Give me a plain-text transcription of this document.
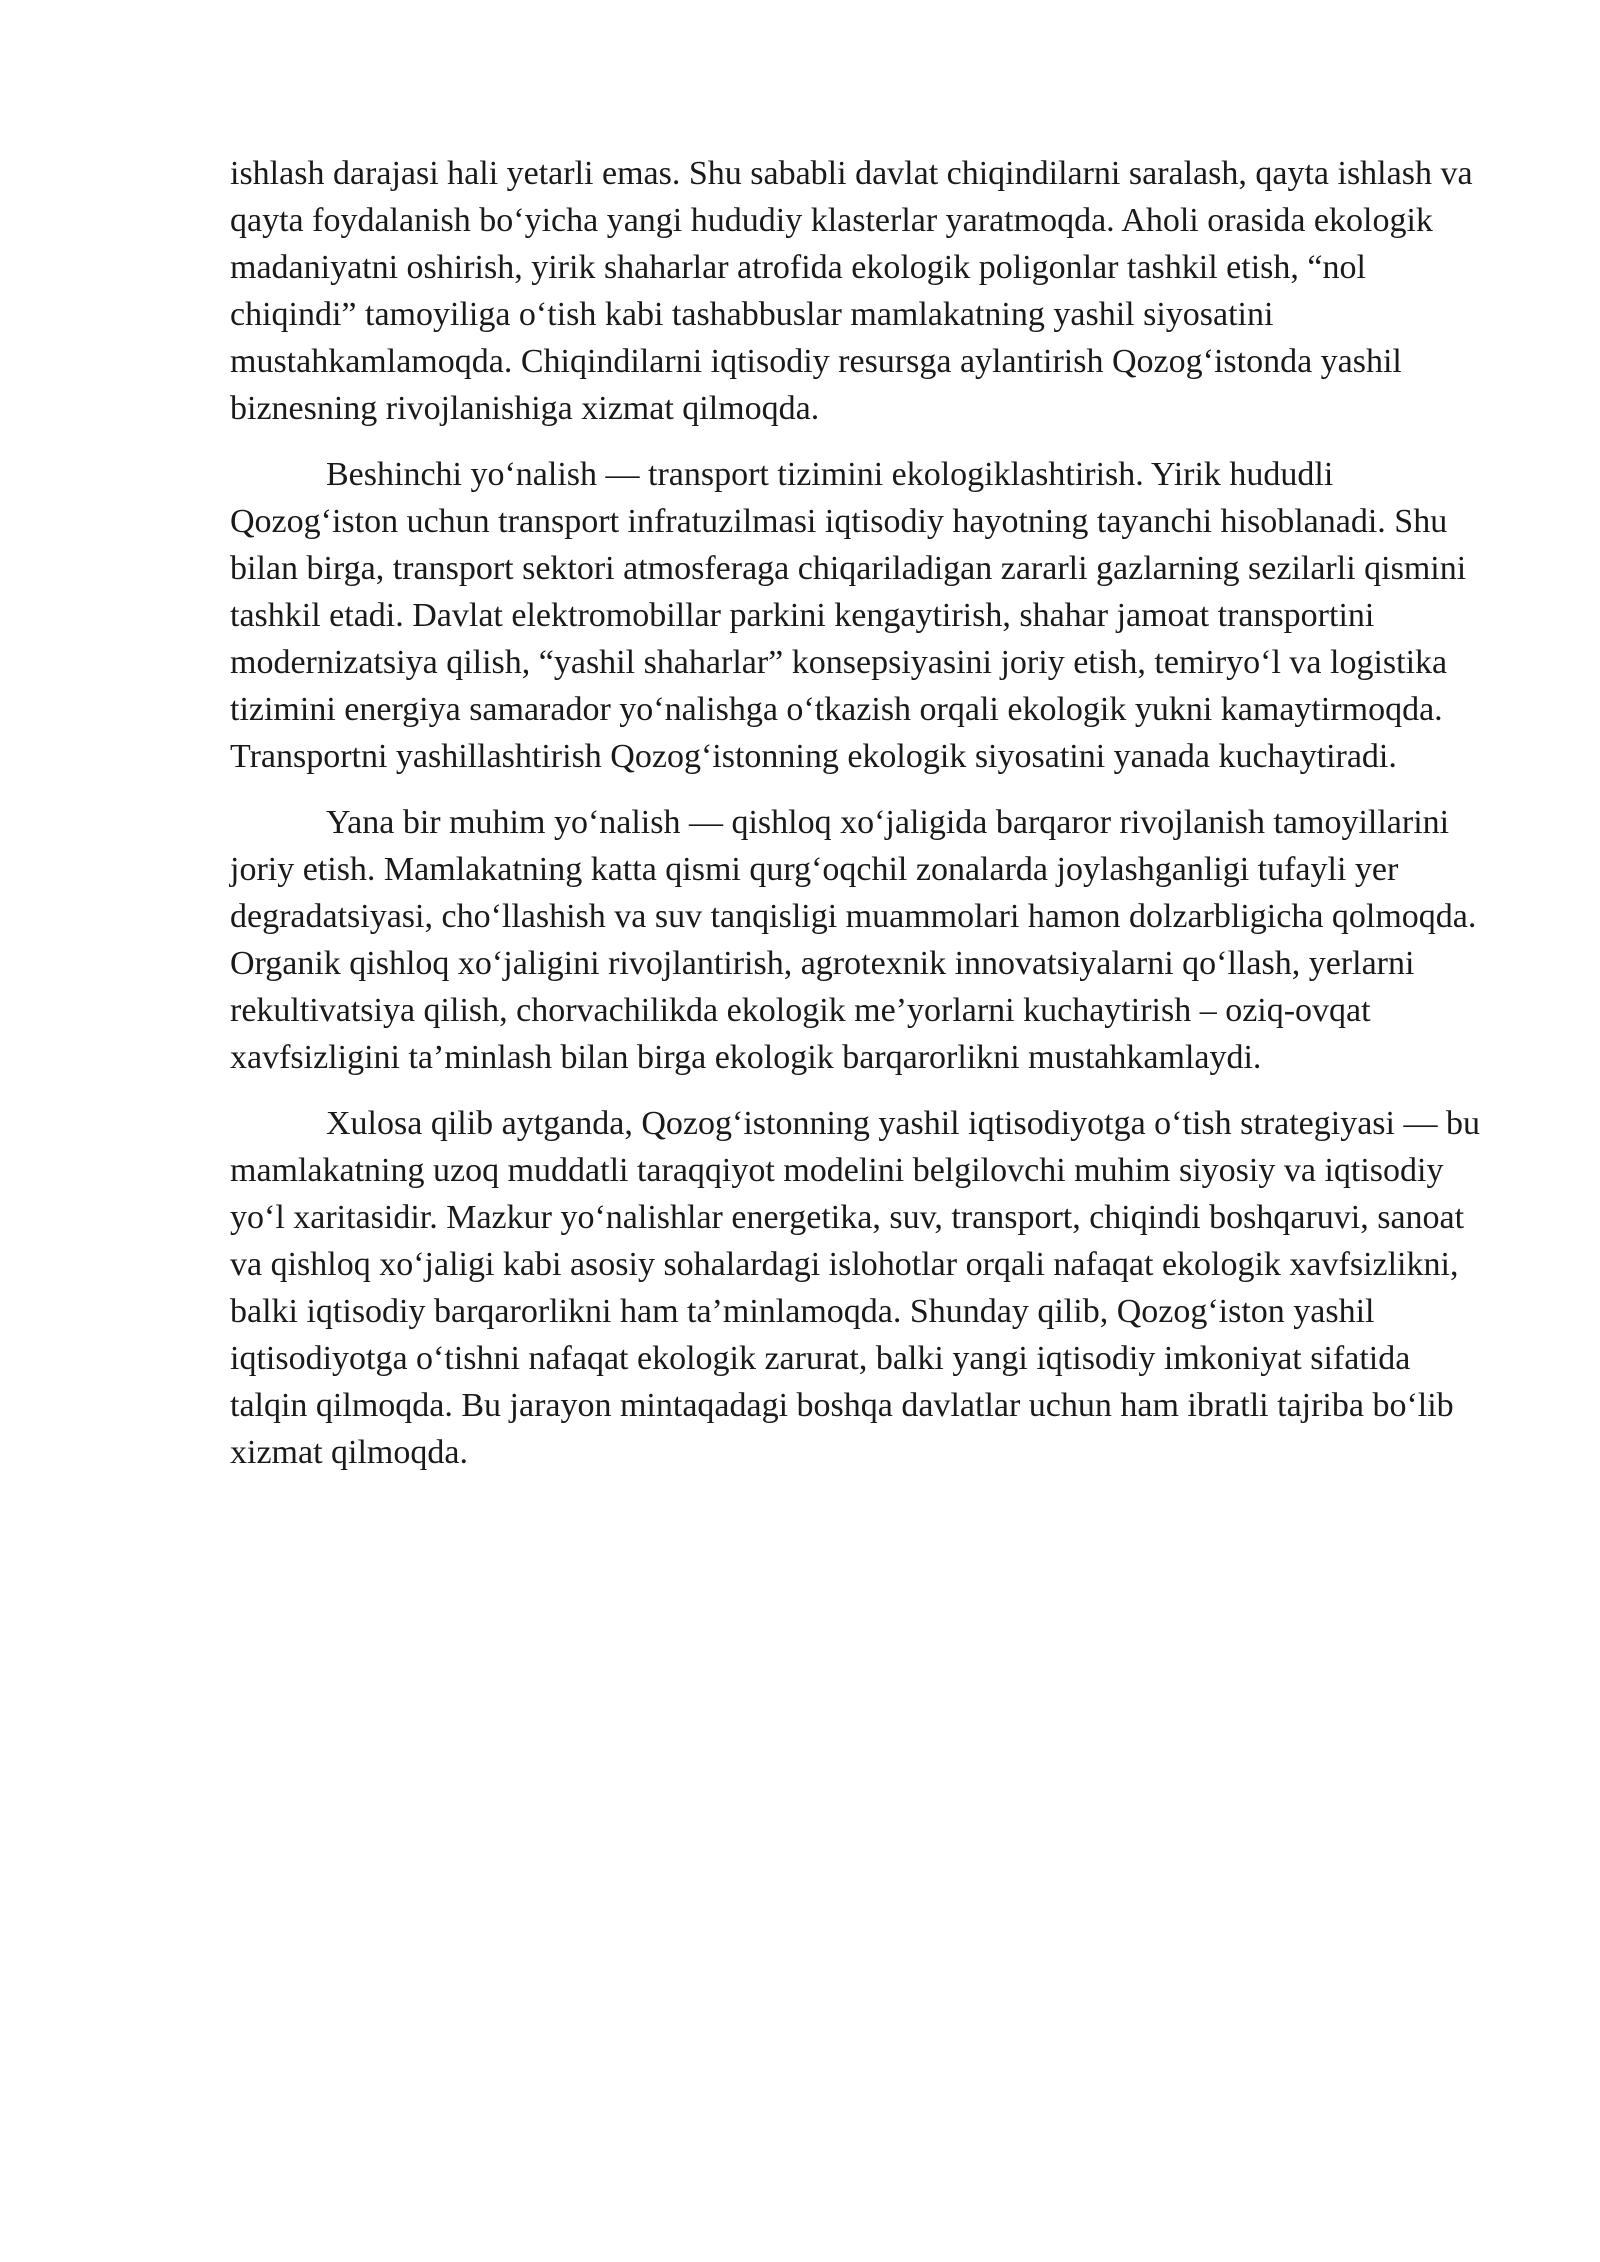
ishlash darajasi hali yetarli emas. Shu sababli davlat chiqindilarni saralash, qayta ishlash va qayta foydalanish bo‘yicha yangi hududiy klasterlar yaratmoqda. Aholi orasida ekologik madaniyatni oshirish, yirik shaharlar atrofida ekologik poligonlar tashkil etish, “nol chiqindi” tamoyiliga o‘tish kabi tashabbuslar mamlakatning yashil siyosatini mustahkamlamoqda. Chiqindilarni iqtisodiy resursga aylantirish Qozog‘istonda yashil biznesning rivojlanishiga xizmat qilmoqda.

Beshinchi yo‘nalish — transport tizimini ekologiklashtirish. Yirik hududli Qozog‘iston uchun transport infratuzilmasi iqtisodiy hayotning tayanchi hisoblanadi. Shu bilan birga, transport sektori atmosferaga chiqariladigan zararli gazlarning sezilarli qismini tashkil etadi. Davlat elektromobillar parkini kengaytirish, shahar jamoat transportini modernizatsiya qilish, “yashil shaharlar” konsepsiyasini joriy etish, temiryo‘l va logistika tizimini energiya samarador yo‘nalishga o‘tkazish orqali ekologik yukni kamaytirmoqda. Transportni yashillashtirish Qozog‘istonning ekologik siyosatini yanada kuchaytiradi.

Yana bir muhim yo‘nalish — qishloq xo‘jaligida barqaror rivojlanish tamoyillarini joriy etish. Mamlakatning katta qismi qurg‘oqchil zonalarda joylashganligi tufayli yer degradatsiyasi, cho‘llashish va suv tanqisligi muammolari hamon dolzarbligicha qolmoqda. Organik qishloq xo‘jaligini rivojlantirish, agrotexnik innovatsiyalarni qo‘llash, yerlarni rekultivatsiya qilish, chorvachilikda ekologik me’yorlarni kuchaytirish – oziq-ovqat xavfsizligini ta’minlash bilan birga ekologik barqarorlikni mustahkamlaydi.

Xulosa qilib aytganda, Qozog‘istonning yashil iqtisodiyotga o‘tish strategiyasi — bu mamlakatning uzoq muddatli taraqqiyot modelini belgilovchi muhim siyosiy va iqtisodiy yo‘l xaritasidir. Mazkur yo‘nalishlar energetika, suv, transport, chiqindi boshqaruvi, sanoat va qishloq xo‘jaligi kabi asosiy sohalardagi islohotlar orqali nafaqat ekologik xavfsizlikni, balki iqtisodiy barqarorlikni ham ta’minlamoqda. Shunday qilib, Qozog‘iston yashil iqtisodiyotga o‘tishni nafaqat ekologik zarurat, balki yangi iqtisodiy imkoniyat sifatida talqin qilmoqda. Bu jarayon mintaqadagi boshqa davlatlar uchun ham ibratli tajriba bo‘lib xizmat qilmoqda.
